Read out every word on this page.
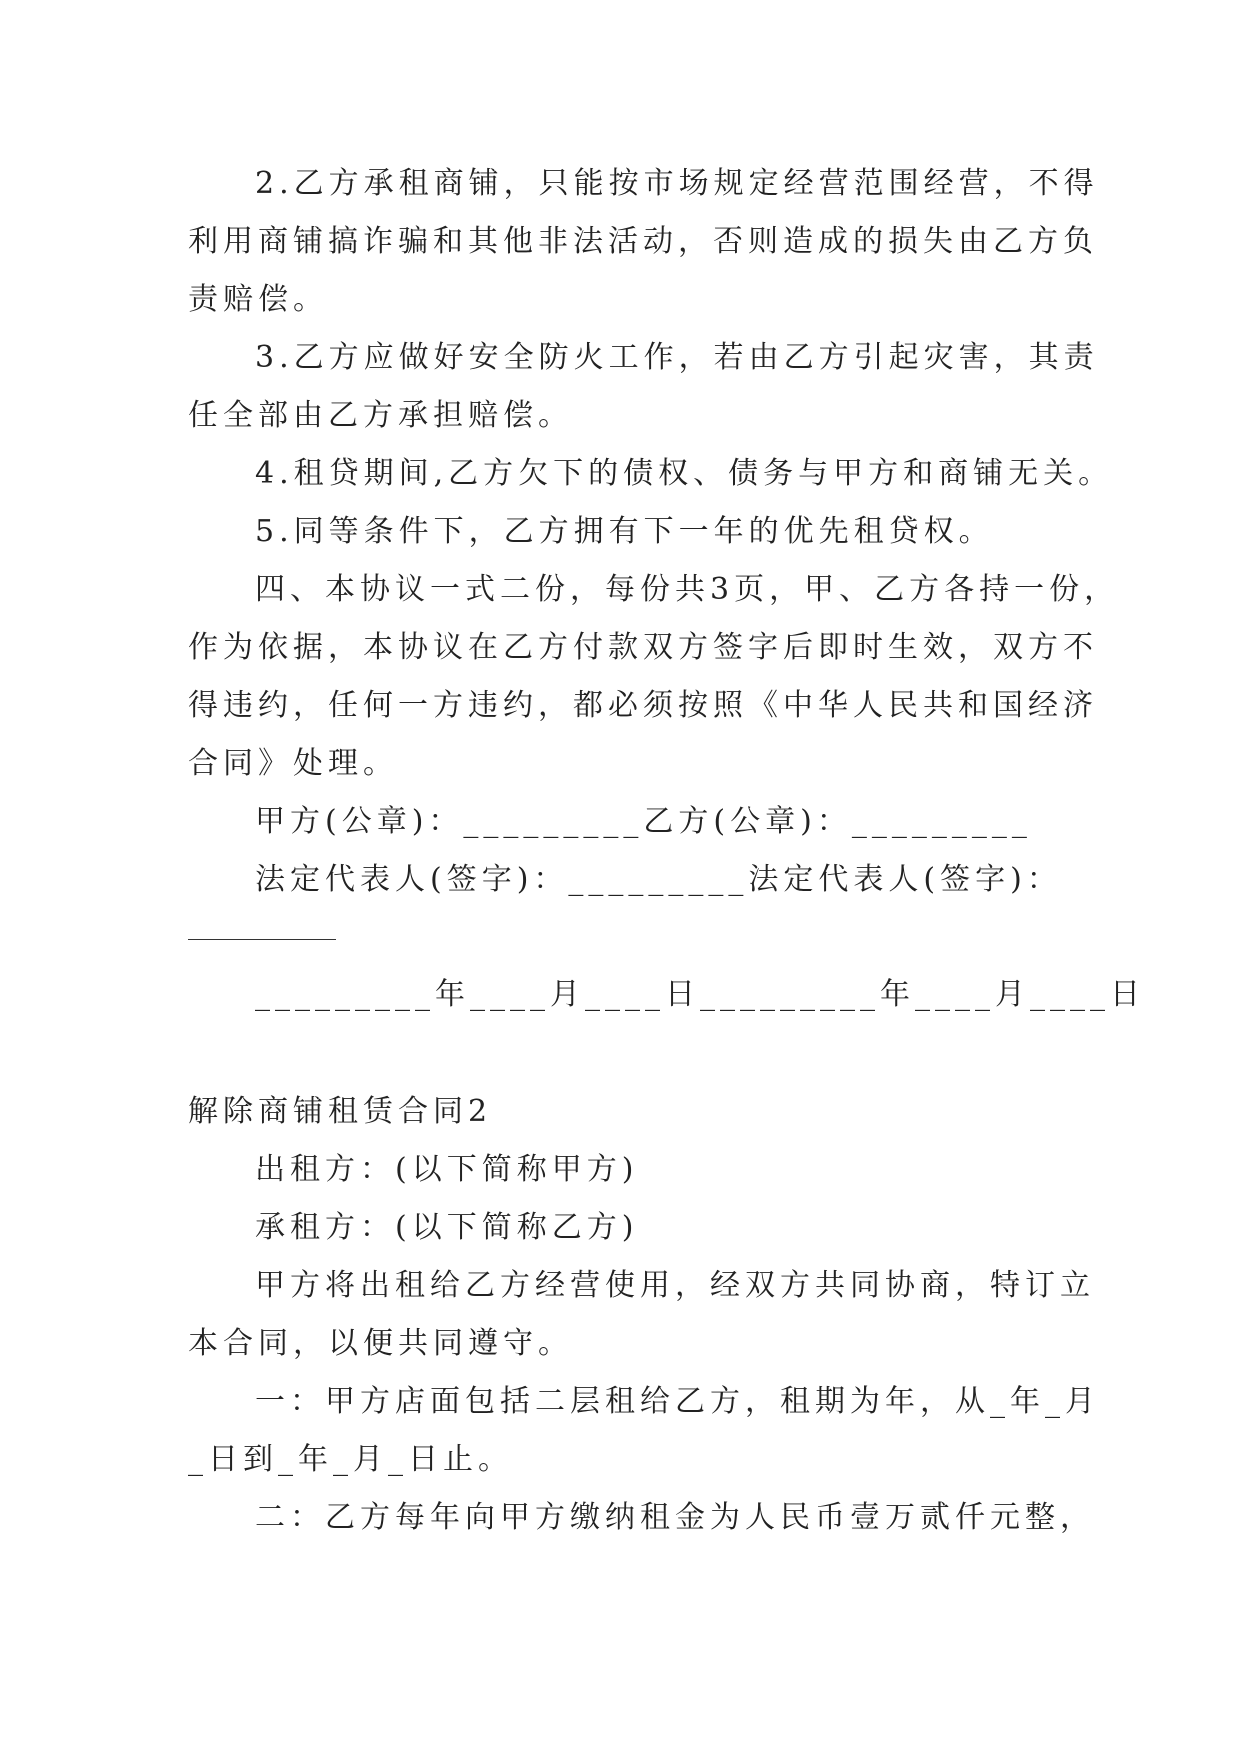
2.乙方承租商铺，只能按市场规定经营范围经营，不得

利用商铺搞诈骗和其他非法活动，否则造成的损失由乙方负

责赔偿。

3.乙方应做好安全防火工作，若由乙方引起灾害，其责

任全部由乙方承担赔偿。

4.租贷期间,乙方欠下的债权、债务与甲方和商铺无关。

5.同等条件下，乙方拥有下一年的优先租贷权。

四、本协议一式二份，每份共3页，甲、乙方各持一份，

作为依据，本协议在乙方付款双方签字后即时生效，双方不

得违约，任何一方违约，都必须按照《中华人民共和国经济

合同》处理。

甲方(公章)：_________乙方(公章)：_________

法定代表人(签字)：_________法定代表人(签字)：

_________年____月____日_________年____月____日

解除商铺租赁合同2

出租方：(以下简称甲方)

承租方：(以下简称乙方)

甲方将出租给乙方经营使用，经双方共同协商，特订立

本合同，以便共同遵守。

一：甲方店面包括二层租给乙方，租期为年，从_年_月

_日到_年_月_日止。

二：乙方每年向甲方缴纳租金为人民币壹万贰仟元整，
